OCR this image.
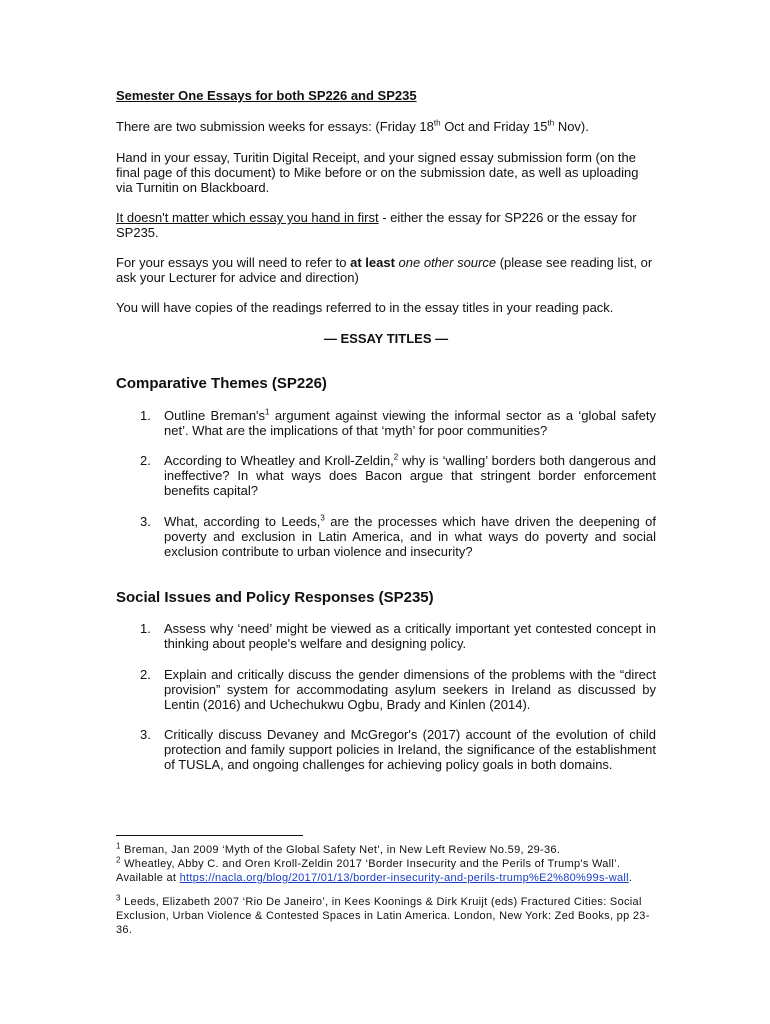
Semester One Essays for both SP226 and SP235
There are two submission weeks for essays: (Friday 18th Oct and Friday 15th Nov).
Hand in your essay, Turitin Digital Receipt, and your signed essay submission form (on the final page of this document) to Mike before or on the submission date, as well as uploading via Turnitin on Blackboard.
It doesn't matter which essay you hand in first - either the essay for SP226 or the essay for SP235.
For your essays you will need to refer to at least one other source (please see reading list, or ask your Lecturer for advice and direction)
You will have copies of the readings referred to in the essay titles in your reading pack.
— ESSAY TITLES —
Comparative Themes (SP226)
1.	Outline $Breman's^1$ argument against viewing the informal sector as a ‘global safety net’. What are the implications of that ‘myth’ for poor communities?
2.	According to Wheatley and Kroll-Zeldin,$^2$ why is ‘walling’ borders both dangerous and ineffective? In what ways does Bacon argue that stringent border enforcement benefits capital?
3.	What, according to Leeds,$^3$ are the processes which have driven the deepening of poverty and exclusion in Latin America, and in what ways do poverty and social exclusion contribute to urban violence and insecurity?
Social Issues and Policy Responses (SP235)
1.	Assess why ‘need’ might be viewed as a critically important yet contested concept in thinking about people's welfare and designing policy.
2.	Explain and critically discuss the gender dimensions of the problems with the “direct provision” system for accommodating asylum seekers in Ireland as discussed by Lentin (2016) and Uchechukwu Ogbu, Brady and Kinlen (2014).
3.	Critically discuss Devaney and McGregor's (2017) account of the evolution of child protection and family support policies in Ireland, the significance of the establishment of TUSLA, and ongoing challenges for achieving policy goals in both domains.
$^1$ Breman, Jan 2009 ‘Myth of the Global Safety Net’, in New Left Review No.59, 29-36.
$^2$ Wheatley, Abby C. and Oren Kroll-Zeldin 2017 ‘Border Insecurity and the Perils of Trump's Wall’. Available at https://nacla.org/blog/2017/01/13/border-insecurity-and-perils-trump%E2%80%99s-wall.
$^3$ Leeds, Elizabeth 2007 ‘Rio De Janeiro’, in Kees Koonings & Dirk Kruijt (eds) Fractured Cities: Social Exclusion, Urban Violence & Contested Spaces in Latin America. London, New York: Zed Books, pp 23-36.
